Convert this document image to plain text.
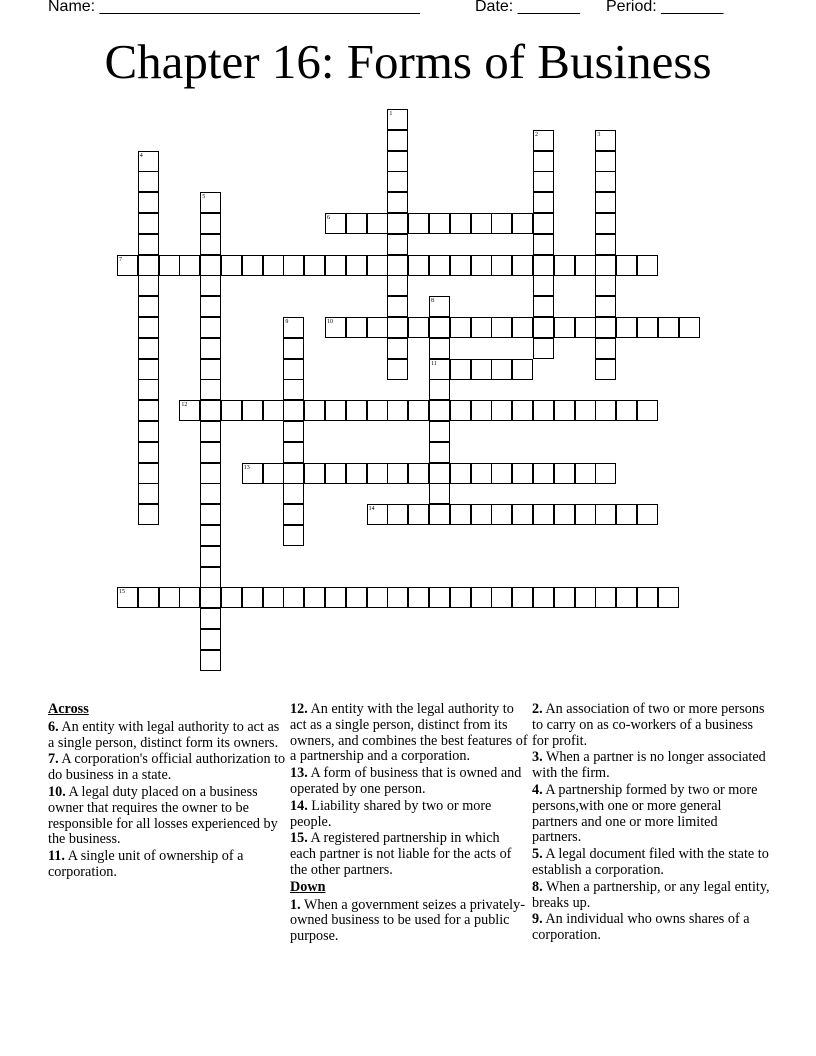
Name: ____________________________________	Date: _______ Period: _______
Chapter 16: Forms of Business
6
7
10
11
12
13
14
15
1
2	3
4
5
8
9
Across
6. An entity with legal authority to act as a single person, distinct form its owners.
7. A corporation's official authorization to do business in a state.
10. A legal duty placed on a business owner that requires the owner to be responsible for all losses experienced by the business.
11. A single unit of ownership of a corporation.
12. An entity with the legal authority to act as a single person, distinct from its owners, and combines the best features of a partnership and a corporation.
13. A form of business that is owned and operated by one person.
14. Liability shared by two or more people.
15. A registered partnership in which each partner is not liable for the acts of the other partners.
Down
1. When a government seizes a privately-owned business to be used for a public purpose.
2. An association of two or more persons to carry on as co-workers of a business for profit.
3. When a partner is no longer associated with the firm.
4. A partnership formed by two or more persons,with one or more general partners and one or more limited partners.
5. A legal document filed with the state to establish a corporation.
8. When a partnership, or any legal entity, breaks up.
9. An individual who owns shares of a corporation.
